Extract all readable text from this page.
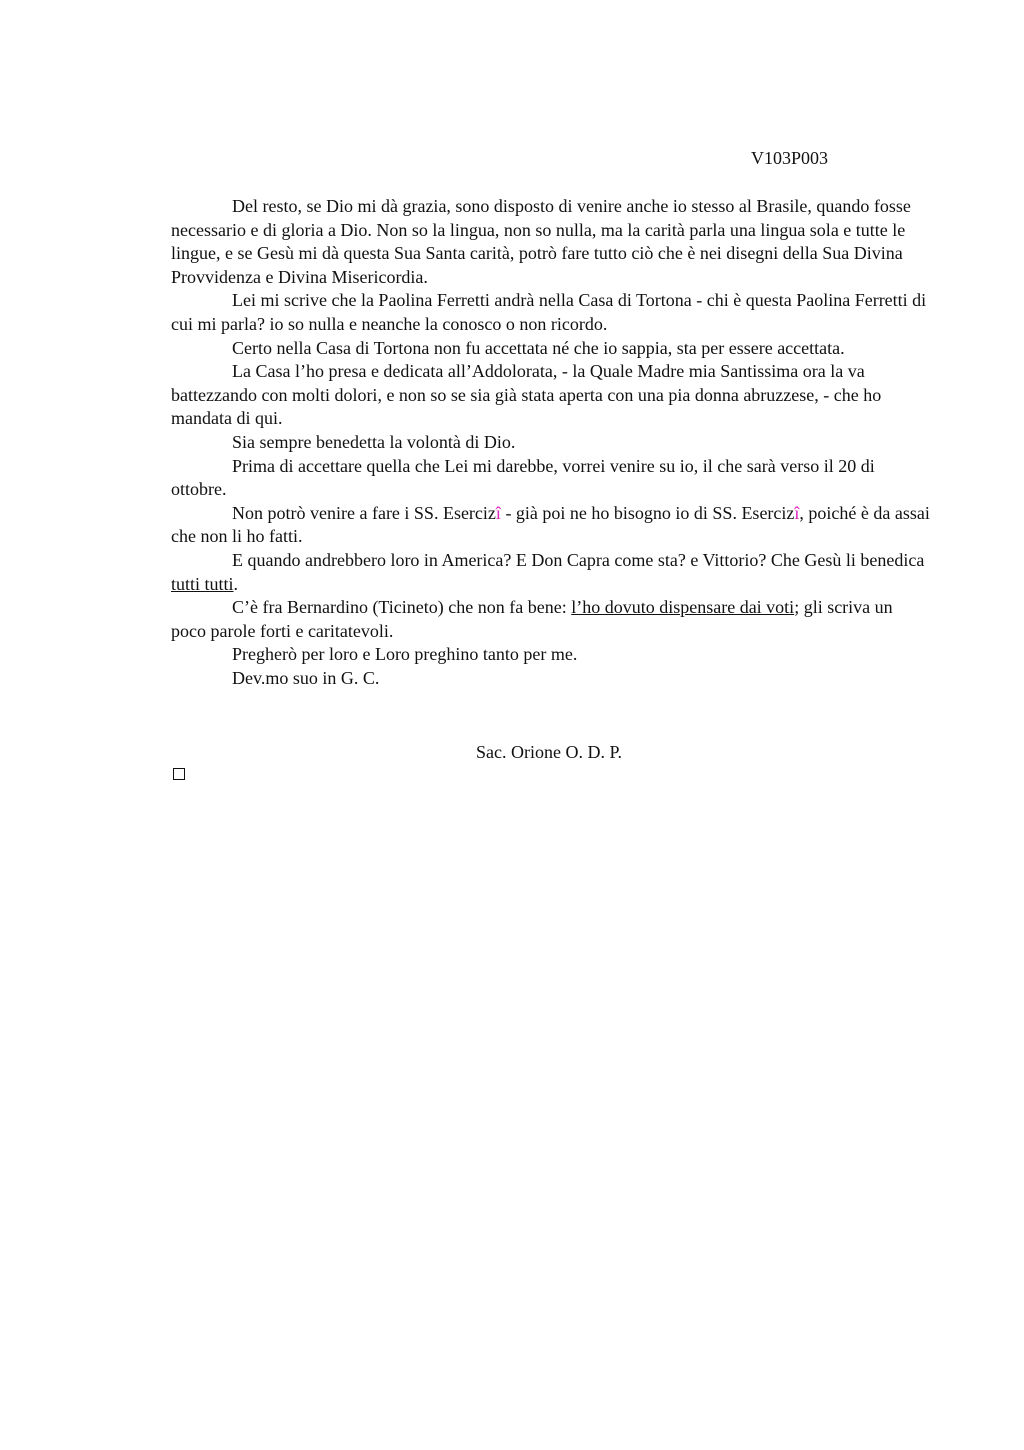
V103P003

Del resto, se Dio mi dà grazia, sono disposto di venire anche io stesso al Brasile, quando fosse necessario e di gloria a Dio. Non so la lingua, non so nulla, ma la carità parla una lingua sola e tutte le lingue, e se Gesù mi dà questa Sua Santa carità, potrò fare tutto ciò che è nei disegni della Sua Divina Provvidenza e Divina Misericordia.

Lei mi scrive che la Paolina Ferretti andrà nella Casa di Tortona - chi è questa Paolina Ferretti di cui mi parla? io so nulla e neanche la conosco o non ricordo.

Certo nella Casa di Tortona non fu accettata né che io sappia, sta per essere accettata.

La Casa l’ho presa e dedicata all’Addolorata, - la Quale Madre mia Santissima ora la va battezzando con molti dolori, e non so se sia già stata aperta con una pia donna abruzzese, - che ho mandata di qui.

Sia sempre benedetta la volontà di Dio.

Prima di accettare quella che Lei mi darebbe, vorrei venire su io, il che sarà verso il 20 di ottobre.

Non potrò venire a fare i SS. Esercizî - già poi ne ho bisogno io di SS. Esercizî, poiché è da assai che non li ho fatti.

E quando andrebbero loro in America? E Don Capra come sta? e Vittorio? Che Gesù li benedica tutti tutti.

C’è fra Bernardino (Ticineto) che non fa bene: l’ho dovuto dispensare dai voti; gli scriva un poco parole forti e caritatevoli.

Pregherò per loro e Loro preghino tanto per me.

Dev.mo suo in G. C.

Sac. Orione O. D. P.
